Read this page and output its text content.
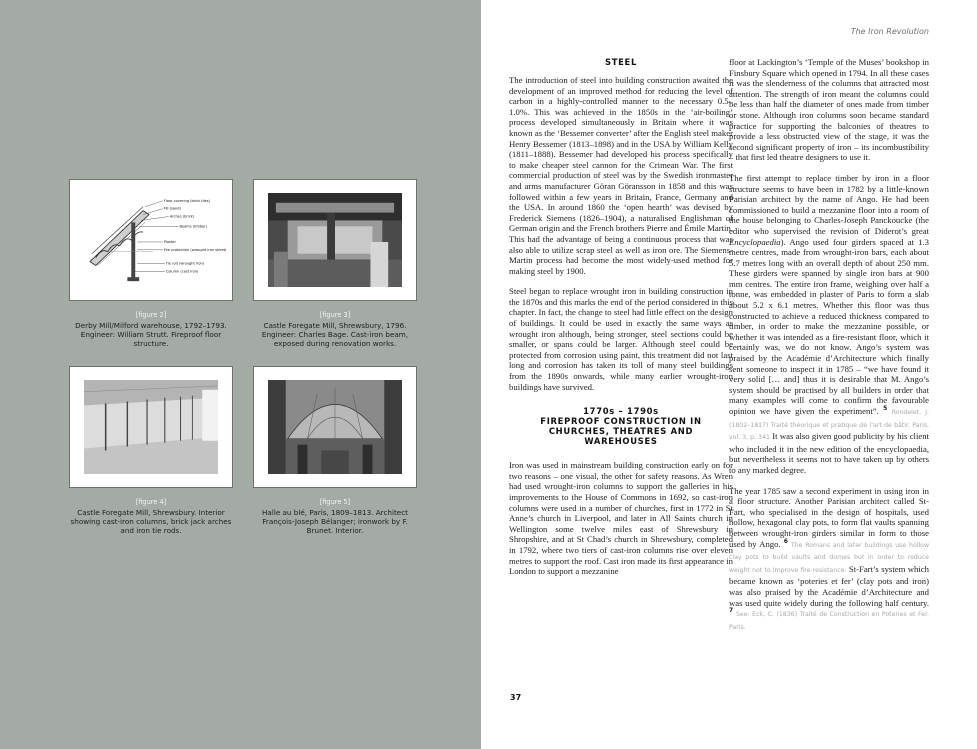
Floor covering (brick tiles)
Fill (sand)
Arches (brick)
Beams (timber)
Plaster
Fire protection (wrought iron sheet)
Tie rod (wrought iron)
Column (cast iron)
[figure 2]
Derby Mill/Milford warehouse, 1792–1793. Engineer: William Strutt. Fireproof floor structure.
[figure 3]
Castle Foregate Mill, Shrewsbury, 1796. Engineer: Charles Bage. Cast-iron beam, exposed during renovation works.
[figure 4]
Castle Foregate Mill, Shrewsbury. Interior showing cast-iron columns, brick jack arches and iron tie rods.
[figure 5]
Halle au blé, Paris, 1809–1813. Architect François-Joseph Bélanger; ironwork by F. Brunet. Interior.
The Iron Revolution
STEEL

The introduction of steel into building construction awaited the development of an improved method for reducing the level of carbon in a highly-controlled manner to the necessary 0.5–1.0%. This was achieved in the 1850s in the ‘air-boiling’ process developed simultaneously in Britain where it was known as the ‘Bessemer converter’ after the English steel maker Henry Bessemer (1813–1898) and in the USA by William Kelly (1811–1888). Bessemer had developed his process specifically to make cheaper steel cannon for the Crimean War. The first commercial production of steel was by the Swedish ironmaster and arms manufacturer Göran Göransson in 1858 and this was followed within a few years in Britain, France, Germany and the USA. In around 1860 the ‘open hearth’ was devised by Frederick Siemens (1826–1904), a naturalised Englishman of German origin and the French brothers Pierre and Émile Martin. This had the advantage of being a continuous process that was also able to utilize scrap steel as well as iron ore. The Siemens-Martin process had become the most widely-used method for making steel by 1900.

Steel began to replace wrought iron in building construction in the 1870s and this marks the end of the period considered in this chapter. In fact, the change to steel had little effect on the design of buildings. It could be used in exactly the same ways as wrought iron although, being stronger, steel sections could be smaller, or spans could be larger. Although steel could be protected from corrosion using paint, this treatment did not last long and corrosion has taken its toll of many steel buildings from the 1890s onwards, while many earlier wrought-iron buildings have survived.

1770s – 1790s
FIREPROOF CONSTRUCTION IN
CHURCHES, THEATRES AND
WAREHOUSES

Iron was used in mainstream building construction early on for two reasons – one visual, the other for safety reasons. As Wren had used wrought-iron columns to support the galleries in his improvements to the House of Commons in 1692, so cast-iron columns were used in a number of churches, first in 1772 in St Anne’s church in Liverpool, and later in All Saints church in Wellington some twelve miles east of Shrewsbury in Shropshire, and at St Chad’s church in Shrewsbury, completed in 1792, where two tiers of cast-iron columns rise over eleven metres to support the roof. Cast iron made its first appearance in London to support a mezzanine

floor at Lackington’s ‘Temple of the Muses’ bookshop in Finsbury Square which opened in 1794. In all these cases it was the slenderness of the columns that attracted most attention. The strength of iron meant the columns could be less than half the diameter of ones made from timber or stone. Although iron columns soon became standard practice for supporting the balconies of theatres to provide a less obstructed view of the stage, it was the second significant property of iron – its incombustibility – that first led theatre designers to use it.

The first attempt to replace timber by iron in a floor structure seems to have been in 1782 by a little-known Parisian architect by the name of Ango. He had been commissioned to build a mezzanine floor into a room of the house belonging to Charles-Joseph Panckoucke (the editor who supervised the revision of Diderot’s great Encyclopaedia). Ango used four girders spaced at 1.3 metre centres, made from wrought-iron bars, each about 5.7 metres long with an overall depth of about 250 mm. These girders were spanned by single iron bars at 900 mm centres. The entire iron frame, weighing over half a tonne, was embedded in plaster of Paris to form a slab about 5.2 x 6.1 metres. Whether this floor was thus constructed to achieve a reduced thickness compared to timber, in order to make the mezzanine possible, or whether it was intended as a fire-resistant floor, which it certainly was, we do not know. Ango’s system was praised by the Académie d’Architecture which finally sent someone to inspect it in 1785 – “we have found it very solid [… and] thus it is desirable that M. Ango’s system should be practised by all builders in order that many examples will come to confirm the favourable opinion we have given the experiment”. $^5$ Rondelet, J. (1802–1817) Traité théorique et pratique de l’art de bâtir. Paris, vol. 3, p. 341 It was also given good publicity by his client who included it in the new edition of the encyclopaedia, but nevertheless it seems not to have taken up by others to any marked degree.

The year 1785 saw a second experiment in using iron in a floor structure. Another Parisian architect called St-Fart, who specialised in the design of hospitals, used hollow, hexagonal clay pots, to form flat vaults spanning between wrought-iron girders similar in form to those used by Ango. $^6$ The Romans and later buildings use hollow clay pots to build vaults and domes but in order to reduce weight not to improve fire resistance. St-Fart’s system which became known as ‘poteries et fer’ (clay pots and iron) was also praised by the Académie d’Architecture and was used quite widely during the following half century. $^7$ See: Eck, C. (1836) Traité de Construction en Poteries et Fer. Paris.

37
